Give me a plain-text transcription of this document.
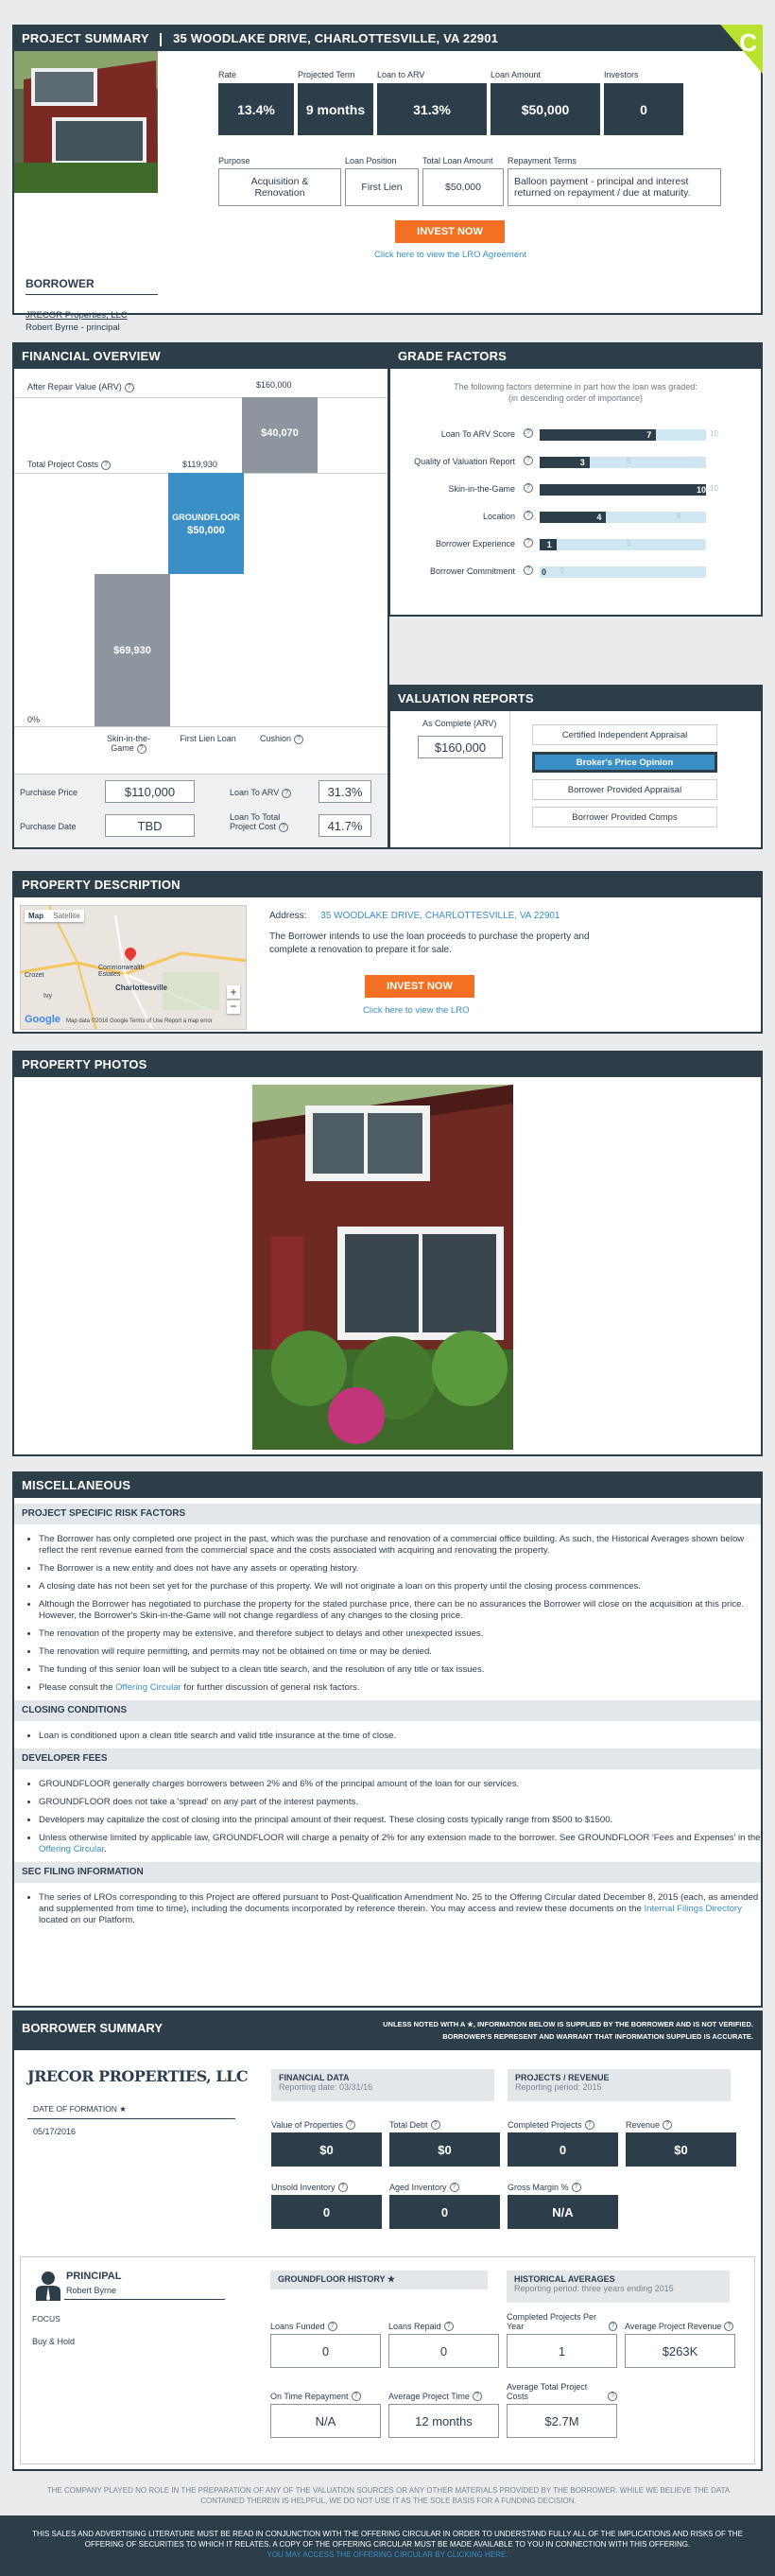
PROJECT SUMMARY 35 WOODLAKE DRIVE, CHARLOTTESVILLE, VA 22901	C
BORROWER
JRECOR Properties, LLC
Robert Byrne - principal
Rate
13.4%
Projected Term
9 months
Loan to ARV
31.3%
Loan Amount
$50,000
Investors
0
Purpose
Acquisition & Renovation
Loan Position
First Lien
Total Loan Amount
$50,000
Repayment Terms
Balloon payment - principal and interest returned on repayment / due at maturity.
INVEST NOW
Click here to view the LRO Agreement
FINANCIAL OVERVIEW
After Repair Value (ARV) ?
Total Project Costs ?
0%
$160,000
$40,070
$119,930
GROUNDFLOOR
$50,000
$69,930
Skin-in-the-Game ?
First Lien Loan	Cushion ?
Purchase Price	$110,000
Purchase Date	TBD
Loan To ARV ?	31.3%
Loan To Total Project Cost ?	41.7%
GRADE FACTORS
The following factors determine in part how the loan was graded:
(in descending order of importance)
Loan To ARV Score	?	7	10
Quality of Valuation Report	?	3	5
Skin-in-the-Game	?	10 10
Location	?	4	8
Borrower Experience	?	1	5
Borrower Commitment	?	0 1
VALUATION REPORTS
As Complete (ARV)
$160,000
Certified Independent Appraisal
Broker's Price Opinion
Borrower Provided Appraisal
Borrower Provided Comps
PROPERTY DESCRIPTION
Map Satellite
Commonwealth Estates
Charlottesville
Crozet
Ivy	+
−
Google Map data ©2016 Google Terms of Use Report a map error
Address: 35 WOODLAKE DRIVE, CHARLOTTESVILLE, VA 22901
The Borrower intends to use the loan proceeds to purchase the property and complete a renovation to prepare it for sale.
INVEST NOW
Click here to view the LRO
PROPERTY PHOTOS
MISCELLANEOUS
PROJECT SPECIFIC RISK FACTORS
• The Borrower has only completed one project in the past, which was the purchase and renovation of a commercial office building. As such, the Historical Averages shown below reflect the rent revenue earned from the commercial space and the costs associated with acquiring and renovating the property.
• The Borrower is a new entity and does not have any assets or operating history.
• A closing date has not been set yet for the purchase of this property. We will not originate a loan on this property until the closing process commences.
• Although the Borrower has negotiated to purchase the property for the stated purchase price, there can be no assurances the Borrower will close on the acquisition at this price. However, the Borrower's Skin-in-the-Game will not change regardless of any changes to the closing price.
• The renovation of the property may be extensive, and therefore subject to delays and other unexpected issues.
• The renovation will require permitting, and permits may not be obtained on time or may be denied.
• The funding of this senior loan will be subject to a clean title search, and the resolution of any title or tax issues.
• Please consult the Offering Circular for further discussion of general risk factors.
CLOSING CONDITIONS
• Loan is conditioned upon a clean title search and valid title insurance at the time of close.
DEVELOPER FEES
• GROUNDFLOOR generally charges borrowers between 2% and 6% of the principal amount of the loan for our services.
• GROUNDFLOOR does not take a 'spread' on any part of the interest payments.
• Developers may capitalize the cost of closing into the principal amount of their request. These closing costs typically range from $500 to $1500.
• Unless otherwise limited by applicable law, GROUNDFLOOR will charge a penalty of 2% for any extension made to the borrower. See GROUNDFLOOR 'Fees and Expenses' in the Offering Circular.
SEC FILING INFORMATION
• The series of LROs corresponding to this Project are offered pursuant to Post-Qualification Amendment No. 25 to the Offering Circular dated December 8, 2015 (each, as amended and supplemented from time to time), including the documents incorporated by reference therein. You may access and review these documents on the Internal Filings Directory located on our Platform.
BORROWER SUMMARY	UNLESS NOTED WITH A ★, INFORMATION BELOW IS SUPPLIED BY THE BORROWER AND IS NOT VERIFIED.
BORROWER'S REPRESENT AND WARRANT THAT INFORMATION SUPPLIED IS ACCURATE.
JRECOR PROPERTIES, LLC
DATE OF FORMATION ★
05/17/2016
FINANCIAL DATA
Reporting date: 03/31/16
PROJECTS / REVENUE
Reporting period: 2015
Value of Properties ?
$0
Total Debt ?
$0
Completed Projects ?
0
Revenue ?
$0
Unsold Inventory ?
0
Aged Inventory ?
0
Gross Margin % ?
N/A
PRINCIPAL
Robert Byrne
FOCUS
Buy & Hold
GROUNDFLOOR HISTORY ★	HISTORICAL AVERAGES
Reporting period: three years ending 2015
Loans Funded ?
0
Loans Repaid ?
0
Completed Projects Per Year	?
1
Average Project Revenue ?
$263K
On Time Repayment ?
N/A
Average Project Time ?
12 months
Average Total Project Costs	?
$2.7M
THE COMPANY PLAYED NO ROLE IN THE PREPARATION OF ANY OF THE VALUATION SOURCES OR ANY OTHER MATERIALS PROVIDED BY THE BORROWER. WHILE WE BELIEVE THE DATA CONTAINED THEREIN IS HELPFUL, WE DO NOT USE IT AS THE SOLE BASIS FOR A FUNDING DECISION.
THIS SALES AND ADVERTISING LITERATURE MUST BE READ IN CONJUNCTION WITH THE OFFERING CIRCULAR IN ORDER TO UNDERSTAND FULLY ALL OF THE IMPLICATIONS AND RISKS OF THE OFFERING OF SECURITIES TO WHICH IT RELATES. A COPY OF THE OFFERING CIRCULAR MUST BE MADE AVAILABLE TO YOU IN CONNECTION WITH THIS OFFERING.
YOU MAY ACCESS THE OFFERING CIRCULAR BY CLICKING HERE.
